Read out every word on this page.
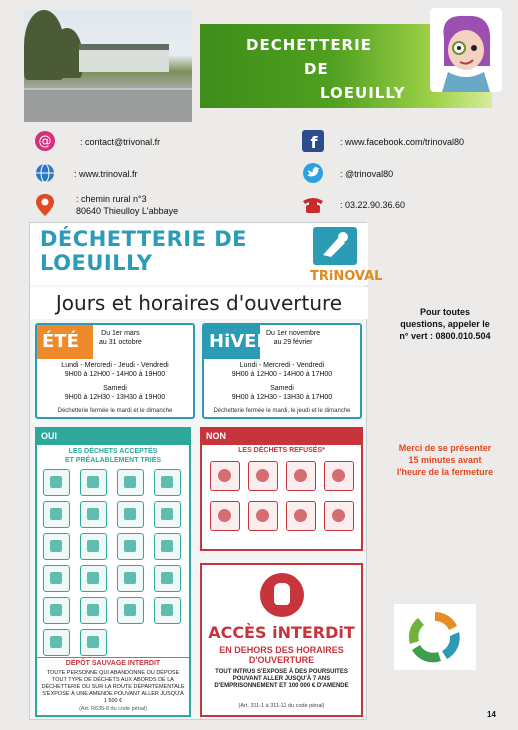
DECHETTERIE
DE
LOEUILLY
@	: contact@trivonal.fr
: www.trinoval.fr
: chemin rural n°3
80640 Thieulloy L'abbaye
f	: www.facebook.com/trinoval80
: @trinoval80
: 03.22.90.36.60
DÉCHETTERIE DE
LOEUILLY
TRiNOVAL
Jours et horaires d'ouverture
ÉTÉ	Du 1er mars
au 31 octobre
Lundi - Mercredi - Jeudi - Vendredi
9H00 à 12H00 - 14H00 à 19H00
Samedi
9H00 à 12H30 - 13H30 à 19H00
Déchetterie fermée le mardi et le dimanche
HiVER
Du 1er novembre
au 29 février
Lundi - Mercredi - Vendredi
9H00 à 12H00 - 14H00 à 17H00
Samedi
9H00 à 12H30 - 13H30 à 17H00
Déchetterie fermée le mardi, le jeudi et le dimanche
OUI
LES DÉCHETS ACCEPTÉS
ET PRÉALABLEMENT TRIÉS
DÉPÔT SAUVAGE INTERDIT
TOUTE PERSONNE QUI ABANDONNE OU DÉPOSE TOUT TYPE DE DÉCHETS AUX ABORDS DE LA DÉCHETTERIE OU SUR LA ROUTE DÉPARTEMENTALE S'EXPOSE À UNE AMENDE POUVANT ALLER JUSQU'À 1 500 €
(Art. R635-8 du code pénal)
NON
LES DÉCHETS REFUSÉS*
ACCÈS iNTERDiT
EN DEHORS DES HORAIRES
D'OUVERTURE
TOUT INTRUS S'EXPOSE À DES POURSUITES POUVANT ALLER JUSQU'À 7 ANS D'EMPRISONNEMENT ET 100 000 € D'AMENDE
(Art. 311-1 à 311-11 du code pénal)
Pour toutes
questions, appeler le
n° vert : 0800.010.504
Merci de se présenter
15 minutes avant
l'heure de la fermeture
14
